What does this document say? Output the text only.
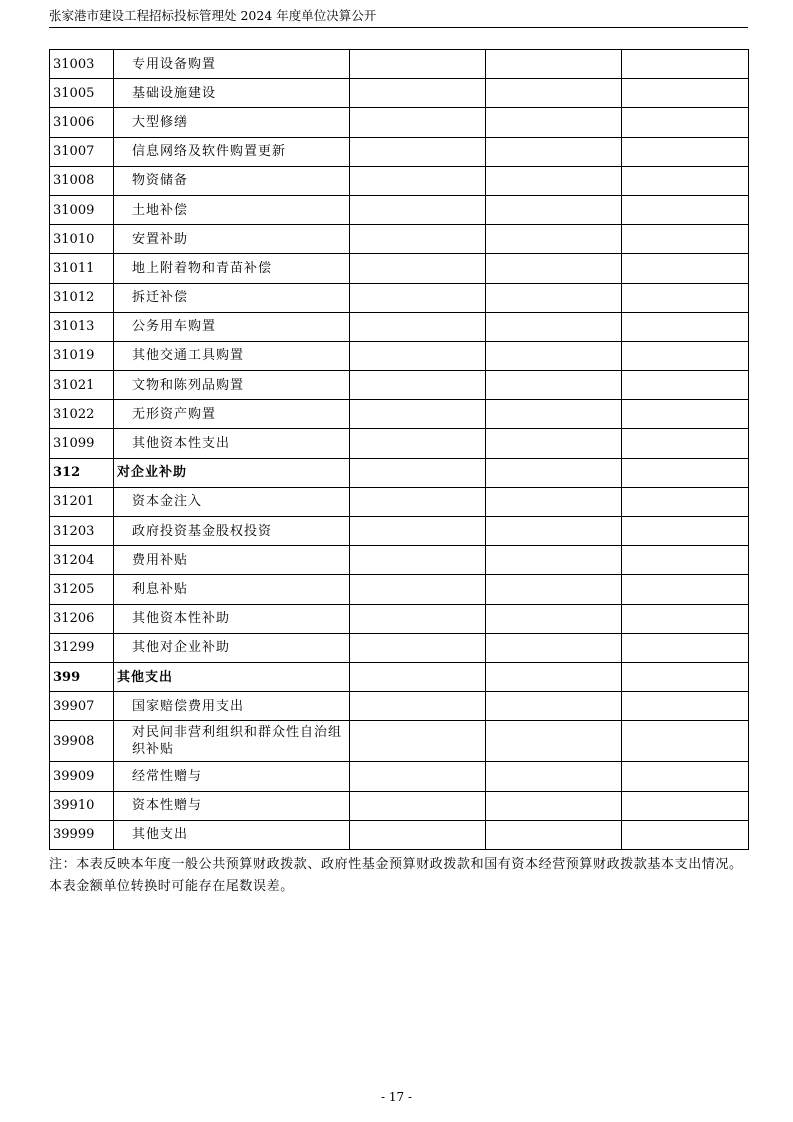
张家港市建设工程招标投标管理处 2024 年度单位决算公开
31003	专用设备购置			
31005	基础设施建设			
31006	大型修缮			
31007	信息网络及软件购置更新			
31008	物资储备			
31009	土地补偿			
31010	安置补助			
31011	地上附着物和青苗补偿			
31012	拆迁补偿			
31013	公务用车购置			
31019	其他交通工具购置			
31021	文物和陈列品购置			
31022	无形资产购置			
31099	其他资本性支出			
312	对企业补助			
31201	资本金注入			
31203	政府投资基金股权投资			
31204	费用补贴			
31205	利息补贴			
31206	其他资本性补助			
31299	其他对企业补助			
399	其他支出			
39907	国家赔偿费用支出			
39908	对民间非营利组织和群众性自治组织补贴			
39909	经常性赠与			
39910	资本性赠与			
39999	其他支出			
注：本表反映本年度一般公共预算财政拨款、政府性基金预算财政拨款和国有资本经营预算财政拨款基本支出情况。本表金额单位转换时可能存在尾数误差。
- 17 -
